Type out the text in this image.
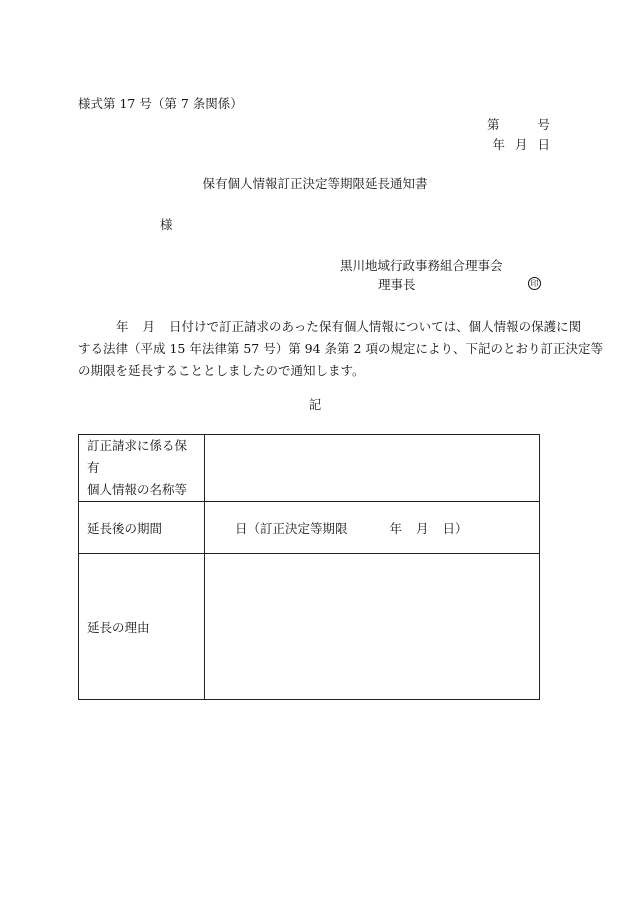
様式第 17 号（第 7 条関係）
第	号
年 月 日
保有個人情報訂正決定等期限延長通知書
様
黒川地域行政事務組合理事会
理事長	印
年 月 日付けで訂正請求のあった保有個人情報については、個人情報の保護に関
する法律（平成 15 年法律第 57 号）第 94 条第 2 項の規定により、下記のとおり訂正決定等
の期限を延長することとしましたので通知します。
記
訂正請求に係る保有
個人情報の名称等	

延長後の期間	日（訂正決定等期限 年 月 日）
延長の理由	
